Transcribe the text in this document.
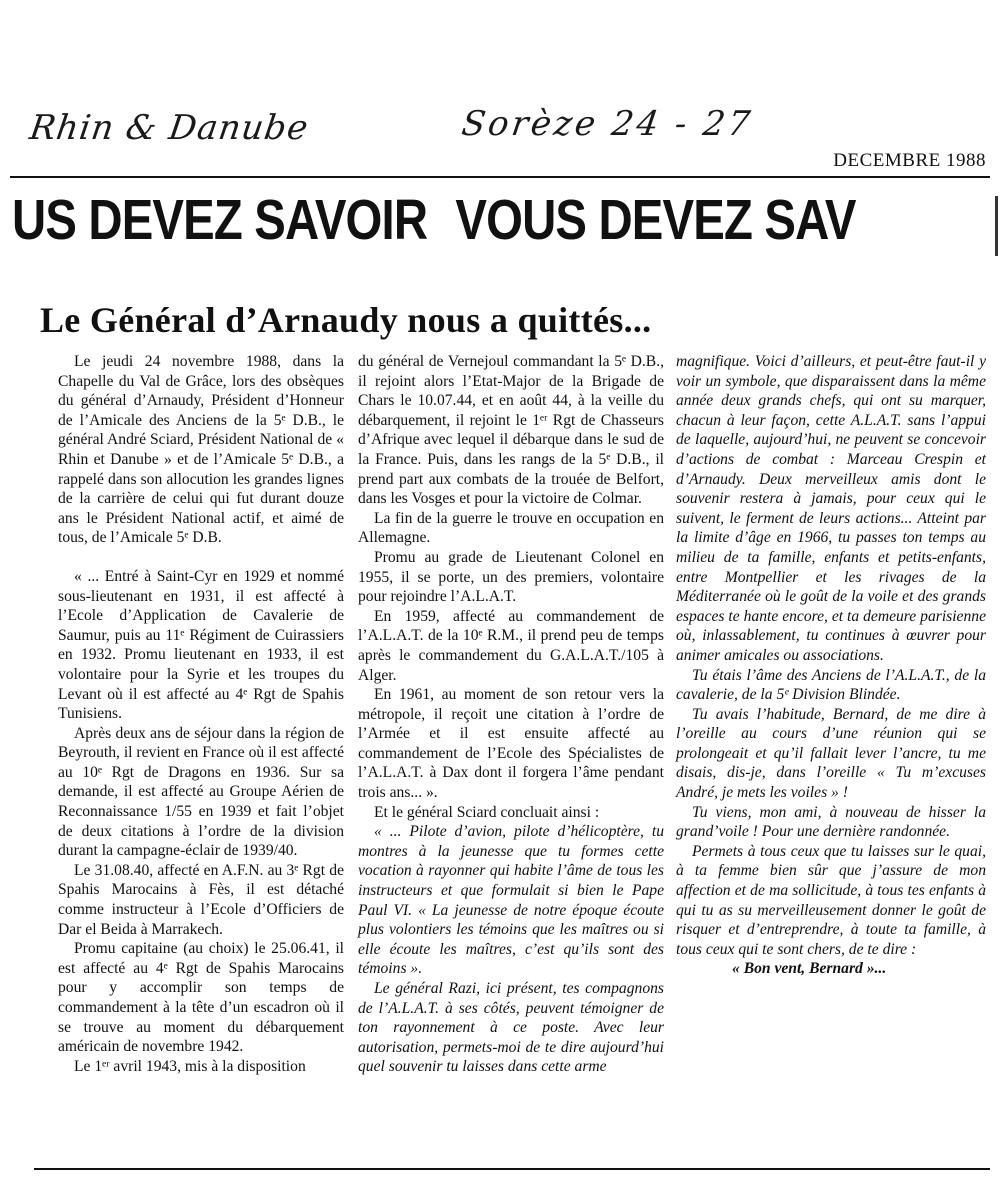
Rhin & Danube	Sorèze 24 - 27
DECEMBRE 1988
US DEVEZ SAVOIR VOUS DEVEZ SAV
Le Général d’Arnaudy nous a quittés...

Le jeudi 24 novembre 1988, dans la Chapelle du Val de Grâce, lors des obsèques du général d’Arnaudy, Président d’Honneur de l’Amicale des Anciens de la 5ᵉ D.B., le général André Sciard, Président National de « Rhin et Danube » et de l’Amicale 5ᵉ D.B., a rappelé dans son allocution les grandes lignes de la carrière de celui qui fut durant douze ans le Président National actif, et aimé de tous, de l’Amicale 5ᵉ D.B.

« ... Entré à Saint-Cyr en 1929 et nommé sous-lieutenant en 1931, il est affecté à l’Ecole d’Application de Cavalerie de Saumur, puis au 11ᵉ Régiment de Cuirassiers en 1932. Promu lieutenant en 1933, il est volontaire pour la Syrie et les troupes du Levant où il est affecté au 4ᵉ Rgt de Spahis Tunisiens.

Après deux ans de séjour dans la région de Beyrouth, il revient en France où il est affecté au 10ᵉ Rgt de Dragons en 1936. Sur sa demande, il est affecté au Groupe Aérien de Reconnaissance 1/55 en 1939 et fait l’objet de deux citations à l’ordre de la division durant la campagne-éclair de 1939/40.

Le 31.08.40, affecté en A.F.N. au 3ᵉ Rgt de Spahis Marocains à Fès, il est détaché comme instructeur à l’Ecole d’Officiers de Dar el Beida à Marrakech.

Promu capitaine (au choix) le 25.06.41, il est affecté au 4ᵉ Rgt de Spahis Marocains pour y accomplir son temps de commandement à la tête d’un escadron où il se trouve au moment du débarquement américain de novembre 1942.

Le 1ᵉʳ avril 1943, mis à la disposition

du général de Vernejoul commandant la 5ᵉ D.B., il rejoint alors l’Etat-Major de la Brigade de Chars le 10.07.44, et en août 44, à la veille du débarquement, il rejoint le 1ᵉʳ Rgt de Chasseurs d’Afrique avec lequel il débarque dans le sud de la France. Puis, dans les rangs de la 5ᵉ D.B., il prend part aux combats de la trouée de Belfort, dans les Vosges et pour la victoire de Colmar.

La fin de la guerre le trouve en occupation en Allemagne.

Promu au grade de Lieutenant Colonel en 1955, il se porte, un des premiers, volontaire pour rejoindre l’A.L.A.T.

En 1959, affecté au commandement de l’A.L.A.T. de la 10ᵉ R.M., il prend peu de temps après le commandement du G.A.L.A.T./105 à Alger.

En 1961, au moment de son retour vers la métropole, il reçoit une citation à l’ordre de l’Armée et il est ensuite affecté au commandement de l’Ecole des Spécialistes de l’A.L.A.T. à Dax dont il forgera l’âme pendant trois ans... ».

Et le général Sciard concluait ainsi :

« ... Pilote d’avion, pilote d’hélicoptère, tu montres à la jeunesse que tu formes cette vocation à rayonner qui habite l’âme de tous les instructeurs et que formulait si bien le Pape Paul VI. « La jeunesse de notre époque écoute plus volontiers les témoins que les maîtres ou si elle écoute les maîtres, c’est qu’ils sont des témoins ».

Le général Razi, ici présent, tes compagnons de l’A.L.A.T. à ses côtés, peuvent témoigner de ton rayonnement à ce poste. Avec leur autorisation, permets-moi de te dire aujourd’hui quel souvenir tu laisses dans cette arme

magnifique. Voici d’ailleurs, et peut-être faut-il y voir un symbole, que disparaissent dans la même année deux grands chefs, qui ont su marquer, chacun à leur façon, cette A.L.A.T. sans l’appui de laquelle, aujourd’hui, ne peuvent se concevoir d’actions de combat : Marceau Crespin et d’Arnaudy. Deux merveilleux amis dont le souvenir restera à jamais, pour ceux qui le suivent, le ferment de leurs actions... Atteint par la limite d’âge en 1966, tu passes ton temps au milieu de ta famille, enfants et petits-enfants, entre Montpellier et les rivages de la Méditerranée où le goût de la voile et des grands espaces te hante encore, et ta demeure parisienne où, inlassablement, tu continues à œuvrer pour animer amicales ou associations.

Tu étais l’âme des Anciens de l’A.L.A.T., de la cavalerie, de la 5ᵉ Division Blindée.

Tu avais l’habitude, Bernard, de me dire à l’oreille au cours d’une réunion qui se prolongeait et qu’il fallait lever l’ancre, tu me disais, dis-je, dans l’oreille « Tu m’excuses André, je mets les voiles » !

Tu viens, mon ami, à nouveau de hisser la grand’voile ! Pour une dernière randonnée.

Permets à tous ceux que tu laisses sur le quai, à ta femme bien sûr que j’assure de mon affection et de ma sollicitude, à tous tes enfants à qui tu as su merveilleusement donner le goût de risquer et d’entreprendre, à toute ta famille, à tous ceux qui te sont chers, de te dire :

« Bon vent, Bernard »...
